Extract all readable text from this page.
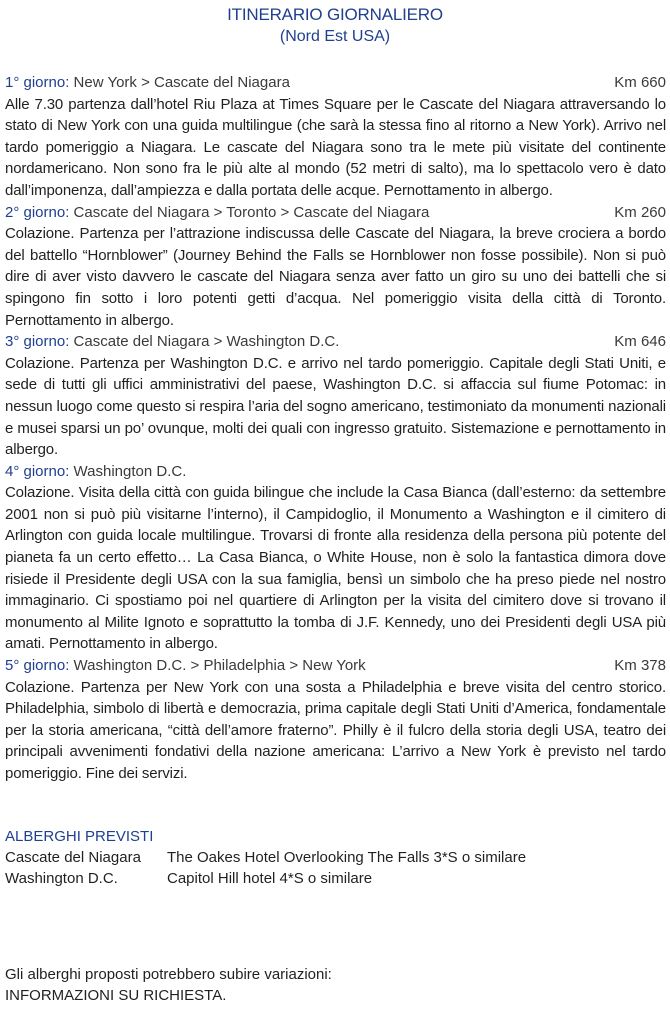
ITINERARIO GIORNALIERO
(Nord Est USA)
1° giorno: New York > Cascate del Niagara	Km 660
Alle 7.30 partenza dall’hotel Riu Plaza at Times Square per le Cascate del Niagara attraversando lo stato di New York con una guida multilingue (che sarà la stessa fino al ritorno a New York). Arrivo nel tardo pomeriggio a Niagara. Le cascate del Niagara sono tra le mete più visitate del continente nordamericano. Non sono fra le più alte al mondo (52 metri di salto), ma lo spettacolo vero è dato dall’imponenza, dall’ampiezza e dalla portata delle acque. Pernottamento in albergo.
2° giorno: Cascate del Niagara > Toronto > Cascate del Niagara	Km 260
Colazione. Partenza per l’attrazione indiscussa delle Cascate del Niagara, la breve crociera a bordo del battello “Hornblower” (Journey Behind the Falls se Hornblower non fosse possibile). Non si può dire di aver visto davvero le cascate del Niagara senza aver fatto un giro su uno dei battelli che si spingono fin sotto i loro potenti getti d’acqua. Nel pomeriggio visita della città di Toronto. Pernottamento in albergo.
3° giorno: Cascate del Niagara > Washington D.C.	Km 646
Colazione. Partenza per Washington D.C. e arrivo nel tardo pomeriggio. Capitale degli Stati Uniti, e sede di tutti gli uffici amministrativi del paese, Washington D.C. si affaccia sul fiume Potomac: in nessun luogo come questo si respira l’aria del sogno americano, testimoniato da monumenti nazionali e musei sparsi un po’ ovunque, molti dei quali con ingresso gratuito. Sistemazione e pernottamento in albergo.
4° giorno: Washington D.C.
Colazione. Visita della città con guida bilingue che include la Casa Bianca (dall’esterno: da settembre 2001 non si può più visitarne l’interno), il Campidoglio, il Monumento a Washington e il cimitero di Arlington con guida locale multilingue. Trovarsi di fronte alla residenza della persona più potente del pianeta fa un certo effetto… La Casa Bianca, o White House, non è solo la fantastica dimora dove risiede il Presidente degli USA con la sua famiglia, bensì un simbolo che ha preso piede nel nostro immaginario. Ci spostiamo poi nel quartiere di Arlington per la visita del cimitero dove si trovano il monumento al Milite Ignoto e soprattutto la tomba di J.F. Kennedy, uno dei Presidenti degli USA più amati. Pernottamento in albergo.
5° giorno: Washington D.C. > Philadelphia > New York	Km 378
Colazione. Partenza per New York con una sosta a Philadelphia e breve visita del centro storico. Philadelphia, simbolo di libertà e democrazia, prima capitale degli Stati Uniti d’America, fondamentale per la storia americana, “città dell’amore fraterno”. Philly è il fulcro della storia degli USA, teatro dei principali avvenimenti fondativi della nazione americana: L’arrivo a New York è previsto nel tardo pomeriggio. Fine dei servizi.
ALBERGHI PREVISTI
Cascate del Niagara	The Oakes Hotel Overlooking The Falls 3*S o similare
Washington D.C.	Capitol Hill hotel 4*S o similare
Gli alberghi proposti potrebbero subire variazioni:
INFORMAZIONI SU RICHIESTA.
